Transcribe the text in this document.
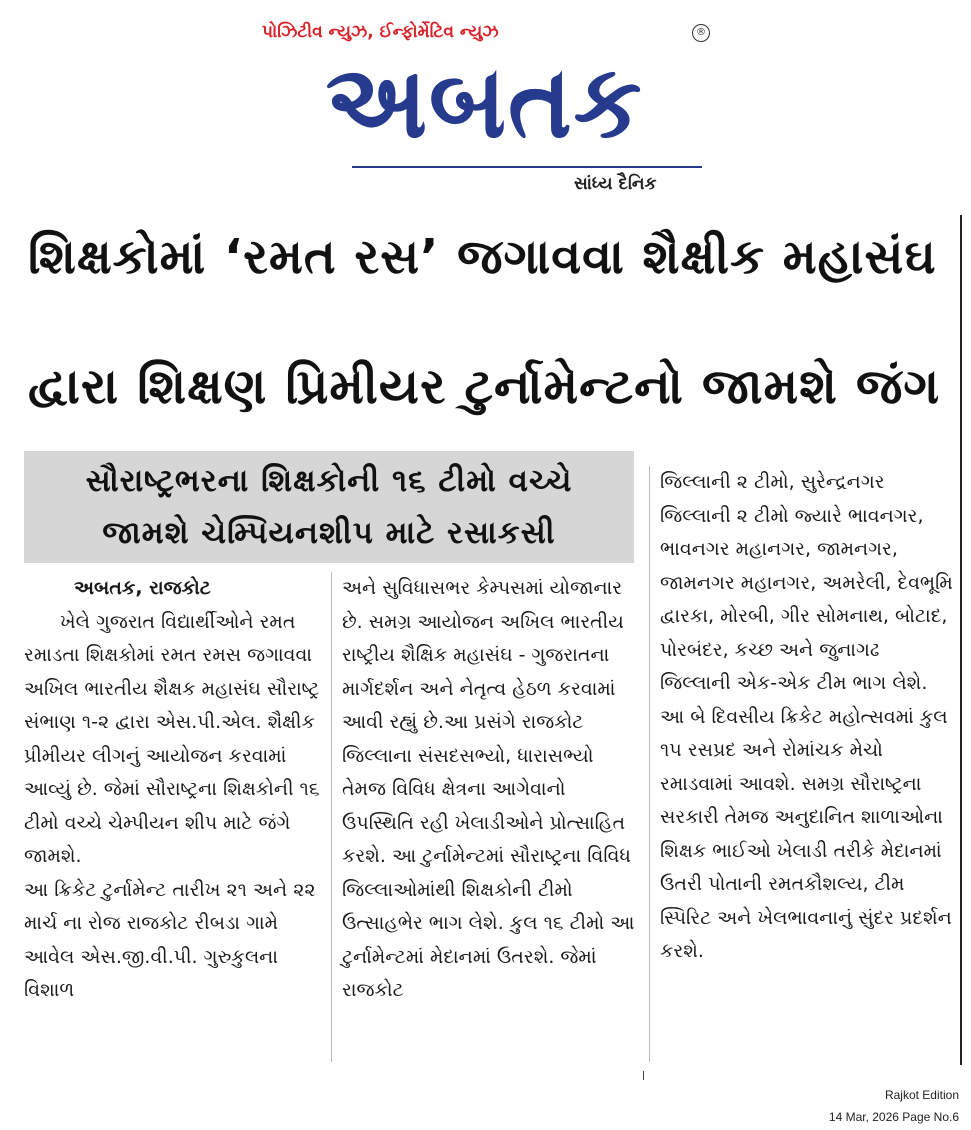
પોઝિટીવ ન્યુઝ, ઈન્ફોર્મેટિવ ન્યુઝ	®
અબતક
સાંધ્ય દૈનિક
શિક્ષકોમાં ‘રમત રસ’ જગાવવા શૈક્ષીક મહાસંઘ
દ્વારા શિક્ષણ પ્રિમીયર ટુર્નામેન્ટનો જામશે જંગ
સૌરાષ્ટ્રભરના શિક્ષકોની ૧૬ ટીમો વચ્ચે
જામશે ચેમ્પિયનશીપ માટે રસાકસી

અબતક, રાજકોટ

ખેલે ગુજરાત વિદ્યાર્થીઓને રમત રમાડતા શિક્ષકોમાં રમત રમસ જગાવવા અખિલ ભારતીય શૈક્ષક મહાસંઘ સૌરાષ્ટ્ર સંભાણ ૧-૨ દ્વારા એસ.પી.એલ. શૈક્ષીક પ્રીમીયર લીગનું આયોજન કરવામાં આવ્યું છે. જેમાં સૌરાષ્ટ્રના શિક્ષકોની ૧૬ ટીમો વચ્ચે ચેમ્પીયન શીપ માટે જંગે જામશે.
આ ક્રિકેટ ટુર્નામેન્ટ તારીખ ૨૧ અને ૨૨ માર્ચ ના રોજ રાજકોટ રીબડા ગામે આવેલ એસ.જી.વી.પી. ગુરુકુલના વિશાળ

અને સુવિધાસભર કેમ્પસમાં યોજાનાર છે. સમગ્ર આયોજન અખિલ ભારતીય રાષ્ટ્રીય શૈક્ષિક મહાસંઘ - ગુજરાતના માર્ગદર્શન અને નેતૃત્વ હેઠળ કરવામાં આવી રહ્યું છે.આ પ્રસંગે રાજકોટ જિલ્લાના સંસદસભ્યો, ધારાસભ્યો તેમજ વિવિધ ક્ષેત્રના આગેવાનો ઉપસ્થિતિ રહી ખેલાડીઓને પ્રોત્સાહિત કરશે. આ ટુર્નામેન્ટમાં સૌરાષ્ટ્રના વિવિધ જિલ્લાઓમાંથી શિક્ષકોની ટીમો ઉત્સાહભેર ભાગ લેશે. કુલ ૧૬ ટીમો આ ટુર્નામેન્ટમાં મેદાનમાં ઉતરશે. જેમાં રાજકોટ

જિલ્લાની ૨ ટીમો, સુરેન્દ્રનગર જિલ્લાની ૨ ટીમો જ્યારે ભાવનગર, ભાવનગર મહાનગર, જામનગર, જામનગર મહાનગર, અમરેલી, દેવભૂમિ દ્વારકા, મોરબી, ગીર સોમનાથ, બોટાદ, પોરબંદર, કચ્છ અને જુનાગઢ જિલ્લાની એક-એક ટીમ ભાગ લેશે.
આ બે દિવસીય ક્રિકેટ મહોત્સવમાં કુલ ૧૫ રસપ્રદ અને રોમાંચક મેચો રમાડવામાં આવશે. સમગ્ર સૌરાષ્ટ્રના સરકારી તેમજ અનુદાનિત શાળાઓના શિક્ષક ભાઈઓ ખેલાડી તરીકે મેદાનમાં ઉતરી પોતાની રમતકૌશલ્ય, ટીમ સ્પિરિટ અને ખેલભાવનાનું સુંદર પ્રદર્શન કરશે.

Rajkot Edition
14 Mar, 2026 Page No.6
